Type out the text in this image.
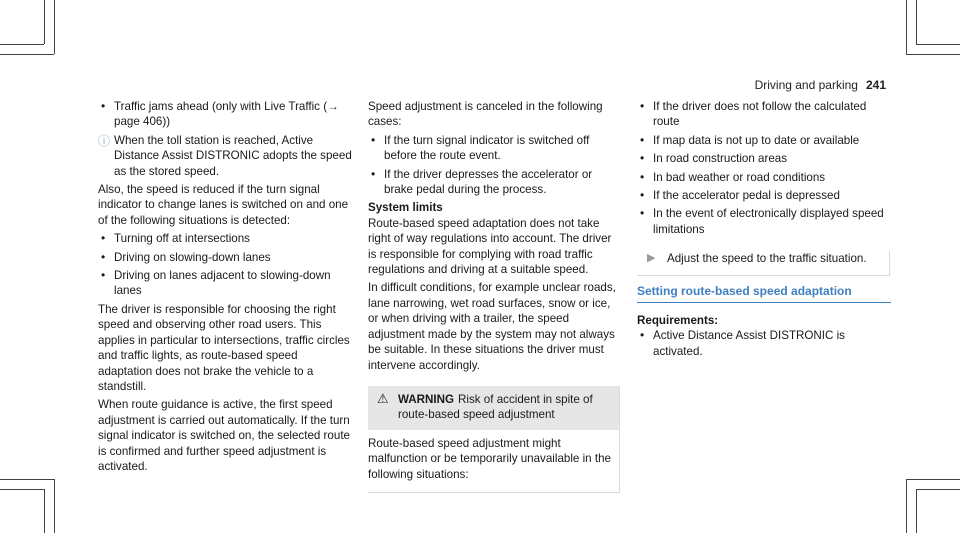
Driving and parking 241
• Traffic jams ahead (only with Live Traffic (→ page 406))
ⓘ When the toll station is reached, Active Distance Assist DISTRONIC adopts the speed as the stored speed.

Also, the speed is reduced if the turn signal indicator to change lanes is switched on and one of the following situations is detected:

• Turning off at intersections
• Driving on slowing-down lanes
• Driving on lanes adjacent to slowing-down lanes

The driver is responsible for choosing the right speed and observing other road users. This applies in particular to intersections, traffic circles and traffic lights, as route-based speed adaptation does not brake the vehicle to a standstill.

When route guidance is active, the first speed adjustment is carried out automatically. If the turn signal indicator is switched on, the selected route is confirmed and further speed adjustment is activated.

Speed adjustment is canceled in the following cases:

• If the turn signal indicator is switched off before the route event.
• If the driver depresses the accelerator or brake pedal during the process.

System limits

Route-based speed adaptation does not take right of way regulations into account. The driver is responsible for complying with road traffic regulations and driving at a suitable speed.

In difficult conditions, for example unclear roads, lane narrowing, wet road surfaces, snow or ice, or when driving with a trailer, the speed adjustment made by the system may not always be suitable. In these situations the driver must intervene accordingly.

⚠ WARNING Risk of accident in spite of route-based speed adjustment
Route-based speed adjustment might malfunction or be temporarily unavailable in the following situations:
• If the driver does not follow the calculated route
• If map data is not up to date or available
• In road construction areas
• In bad weather or road conditions
• If the accelerator pedal is depressed
• In the event of electronically displayed speed limitations
▶ Adjust the speed to the traffic situation.
Setting route-based speed adaptation

Requirements:

• Active Distance Assist DISTRONIC is activated.
